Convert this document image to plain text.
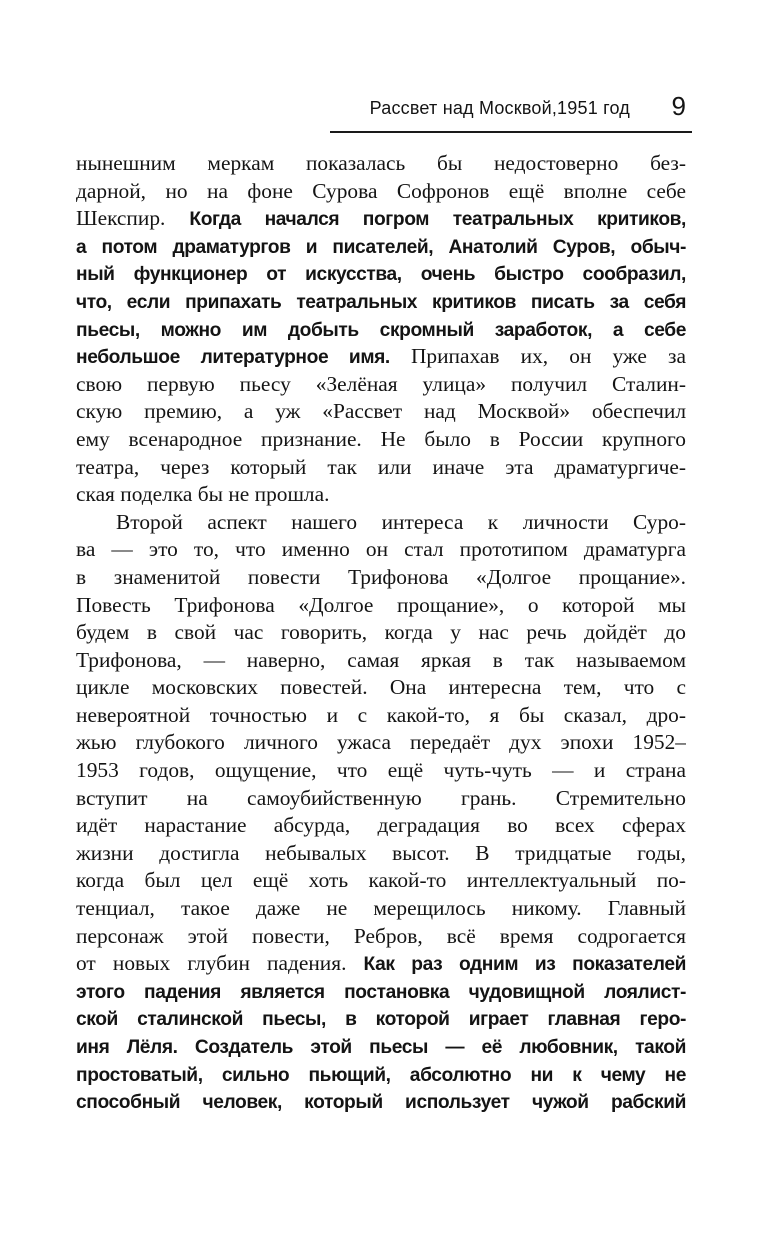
Рассвет над Москвой,1951 год 9
нынешним меркам показалась бы недостоверно без-
дарной, но на фоне Сурова Софронов ещё вполне себе
Шекспир. Когда начался погром театральных критиков,
а потом драматургов и писателей, Анатолий Суров, обыч-
ный функционер от искусства, очень быстро сообразил,
что, если припахать театральных критиков писать за себя
пьесы, можно им добыть скромный заработок, а себе
небольшое литературное имя. Припахав их, он уже за
свою первую пьесу «Зелёная улица» получил Сталин-
скую премию, а уж «Рассвет над Москвой» обеспечил
ему всенародное признание. Не было в России крупного
театра, через который так или иначе эта драматургиче-
ская поделка бы не прошла.
Второй аспект нашего интереса к личности Суро-
ва — это то, что именно он стал прототипом драматурга
в знаменитой повести Трифонова «Долгое прощание».
Повесть Трифонова «Долгое прощание», о которой мы
будем в свой час говорить, когда у нас речь дойдёт до
Трифонова, — наверно, самая яркая в так называемом
цикле московских повестей. Она интересна тем, что с
невероятной точностью и с какой-то, я бы сказал, дро-
жью глубокого личного ужаса передаёт дух эпохи 1952–
1953 годов, ощущение, что ещё чуть-чуть — и страна
вступит на самоубийственную грань. Стремительно
идёт нарастание абсурда, деградация во всех сферах
жизни достигла небывалых высот. В тридцатые годы,
когда был цел ещё хоть какой-то интеллектуальный по-
тенциал, такое даже не мерещилось никому. Главный
персонаж этой повести, Ребров, всё время содрогается
от новых глубин падения. Как раз одним из показателей
этого падения является постановка чудовищной лоялист-
ской сталинской пьесы, в которой играет главная геро-
иня Лёля. Создатель этой пьесы — её любовник, такой
простоватый, сильно пьющий, абсолютно ни к чему не
способный человек, который использует чужой рабский
